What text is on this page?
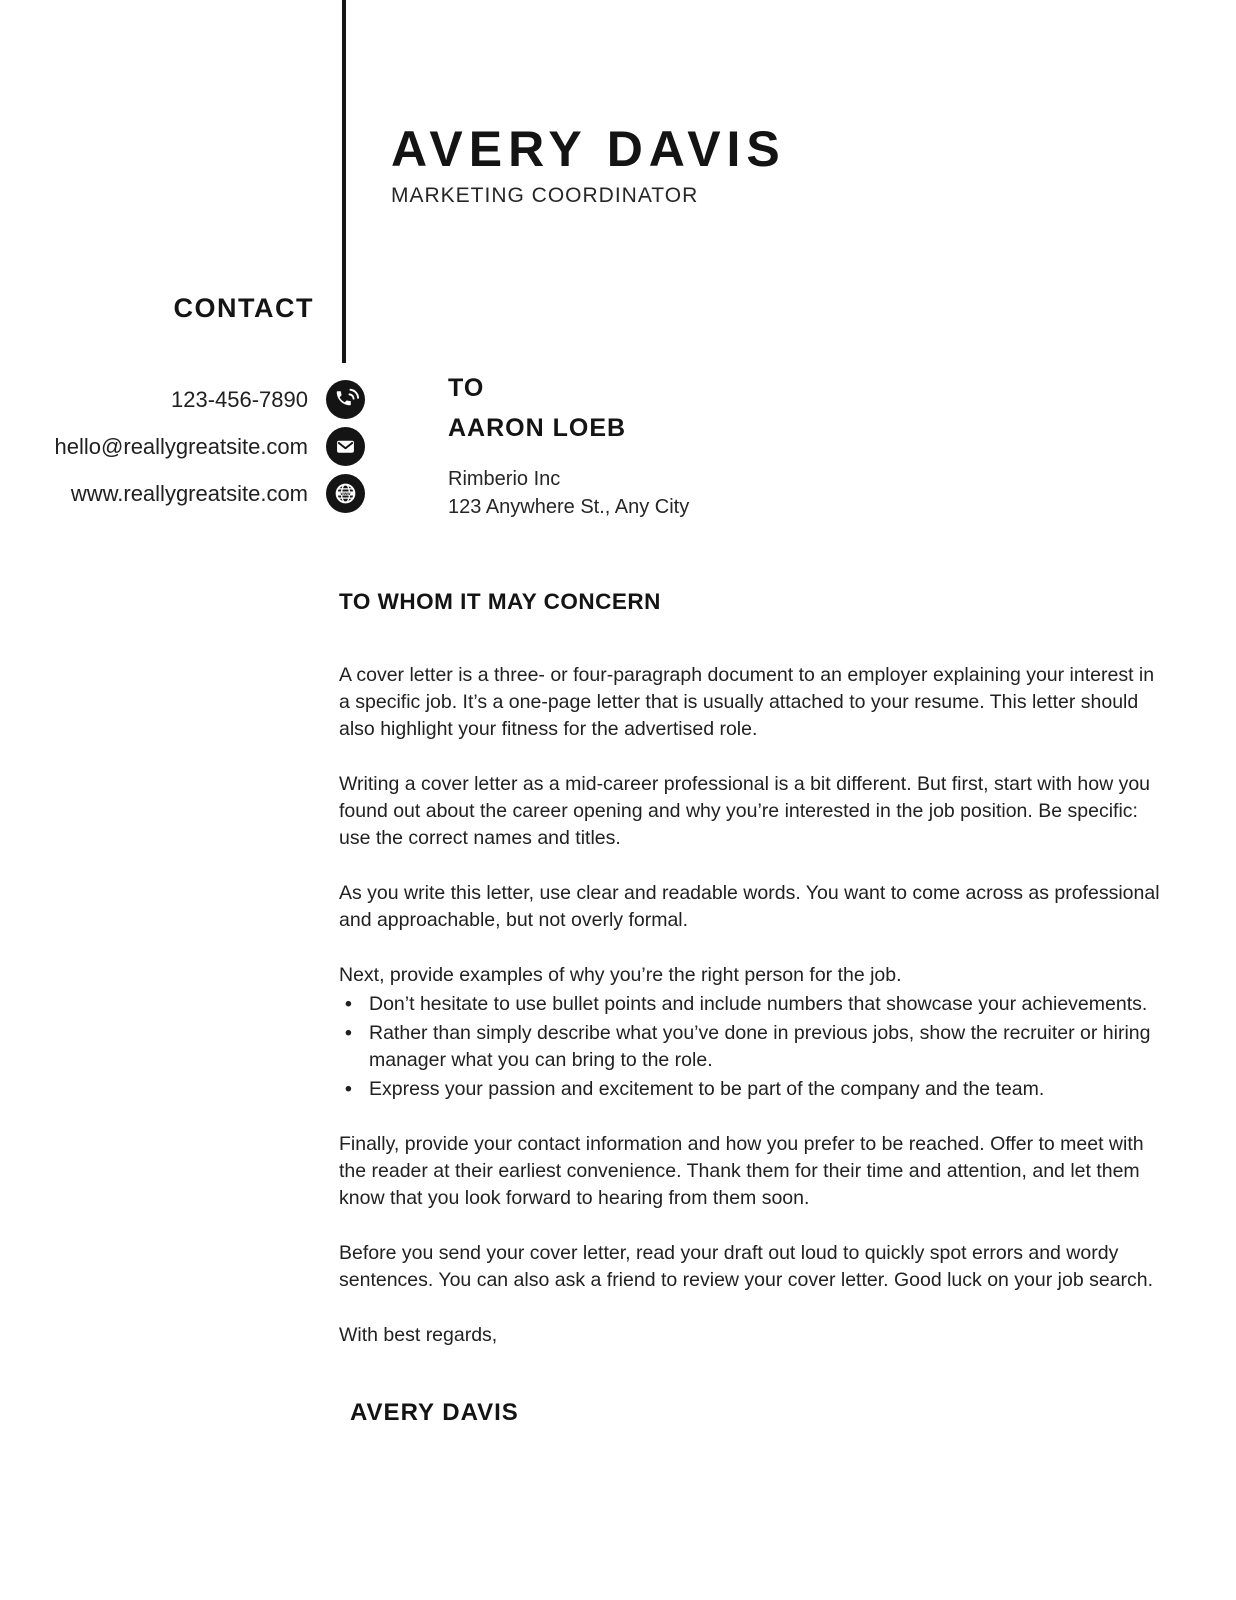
AVERY DAVIS
MARKETING COORDINATOR
CONTACT
123-456-7890
hello@reallygreatsite.com
www.reallygreatsite.com	www
TO
AARON LOEB
Rimberio Inc
123 Anywhere St., Any City
TO WHOM IT MAY CONCERN

A cover letter is a three- or four-paragraph document to an employer explaining your interest in a specific job. It’s a one-page letter that is usually attached to your resume. This letter should also highlight your fitness for the advertised role.

Writing a cover letter as a mid-career professional is a bit different. But first, start with how you found out about the career opening and why you’re interested in the job position. Be specific: use the correct names and titles.

As you write this letter, use clear and readable words. You want to come across as professional and approachable, but not overly formal.

Next, provide examples of why you’re the right person for the job.

• Don’t hesitate to use bullet points and include numbers that showcase your achievements.
• Rather than simply describe what you’ve done in previous jobs, show the recruiter or hiring manager what you can bring to the role.
• Express your passion and excitement to be part of the company and the team.

Finally, provide your contact information and how you prefer to be reached. Offer to meet with the reader at their earliest convenience. Thank them for their time and attention, and let them know that you look forward to hearing from them soon.

Before you send your cover letter, read your draft out loud to quickly spot errors and wordy sentences. You can also ask a friend to review your cover letter. Good luck on your job search.

With best regards,

AVERY DAVIS
